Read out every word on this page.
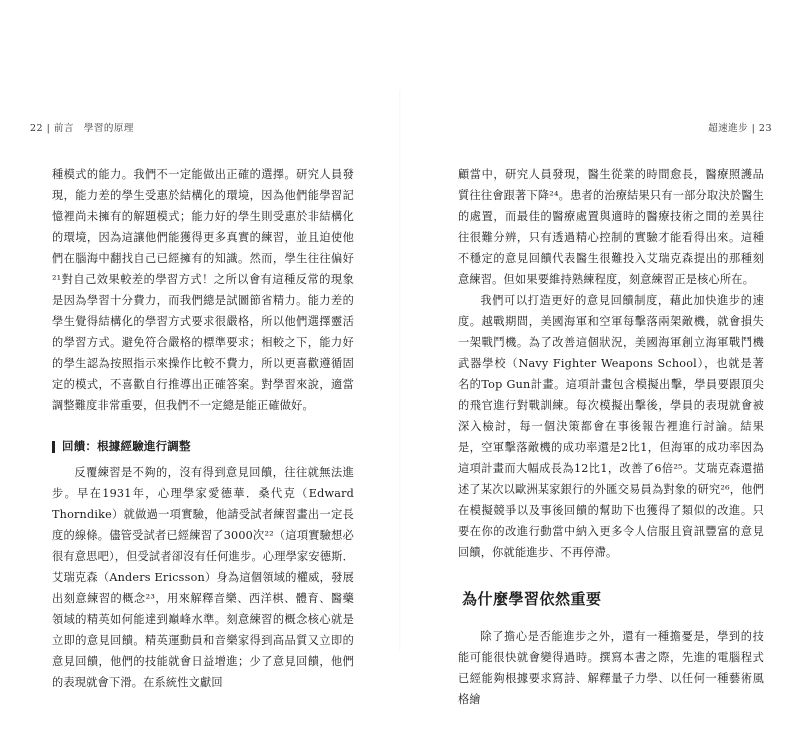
22 | 前言　學習的原理

種模式的能力。我們不一定能做出正確的選擇。研究人員發現，能力差的學生受惠於結構化的環境，因為他們能學習記憶裡尚未擁有的解題模式；能力好的學生則受惠於非結構化的環境，因為這讓他們能獲得更多真實的練習，並且迫使他們在腦海中翻找自己已經擁有的知識。然而，學生往往偏好²¹對自己效果較差的學習方式！之所以會有這種反常的現象是因為學習十分費力，而我們總是試圖節省精力。能力差的學生覺得結構化的學習方式要求很嚴格，所以他們選擇靈活的學習方式。避免符合嚴格的標準要求；相較之下，能力好的學生認為按照指示來操作比較不費力，所以更喜歡遵循固定的模式，不喜歡自行推導出正確答案。對學習來說，適當調整難度非常重要，但我們不一定總是能正確做好。

回饋：根據經驗進行調整

反覆練習是不夠的，沒有得到意見回饋，往往就無法進步。早在1931年，心理學家愛德華．桑代克（Edward Thorndike）就做過一項實驗，他請受試者練習畫出一定長度的線條。儘管受試者已經練習了3000次²²（這項實驗想必很有意思吧），但受試者卻沒有任何進步。心理學家安德斯．艾瑞克森（Anders Ericsson）身為這個領域的權威，發展出刻意練習的概念²³，用來解釋音樂、西洋棋、體育、醫藥領域的精英如何能達到巔峰水準。刻意練習的概念核心就是立即的意見回饋。精英運動員和音樂家得到高品質又立即的意見回饋，他們的技能就會日益增進；少了意見回饋，他們的表現就會下滑。在系統性文獻回

超速進步 | 23

顧當中，研究人員發現，醫生從業的時間愈長，醫療照護品質往往會跟著下降²⁴。患者的治療結果只有一部分取決於醫生的處置，而最佳的醫療處置與適時的醫療技術之間的差異往往很難分辨，只有透過精心控制的實驗才能看得出來。這種不穩定的意見回饋代表醫生很難投入艾瑞克森提出的那種刻意練習。但如果要維持熟練程度，刻意練習正是核心所在。

我們可以打造更好的意見回饋制度，藉此加快進步的速度。越戰期間，美國海軍和空軍每擊落兩架敵機，就會損失一架戰鬥機。為了改善這個狀況，美國海軍創立海軍戰鬥機武器學校（Navy Fighter Weapons School），也就是著名的Top Gun計畫。這項計畫包含模擬出擊，學員要跟頂尖的飛官進行對戰訓練。每次模擬出擊後，學員的表現就會被深入檢討，每一個決策都會在事後報告裡進行討論。結果是，空軍擊落敵機的成功率還是2比1，但海軍的成功率因為這項計畫而大幅成長為12比1，改善了6倍²⁵。艾瑞克森還描述了某次以歐洲某家銀行的外匯交易員為對象的研究²⁶，他們在模擬競爭以及事後回饋的幫助下也獲得了類似的改進。只要在你的改進行動當中納入更多令人信服且資訊豐富的意見回饋，你就能進步、不再停滯。

為什麼學習依然重要

除了擔心是否能進步之外，還有一種擔憂是，學到的技能可能很快就會變得過時。撰寫本書之際，先進的電腦程式已經能夠根據要求寫詩、解釋量子力學、以任何一種藝術風格繪
